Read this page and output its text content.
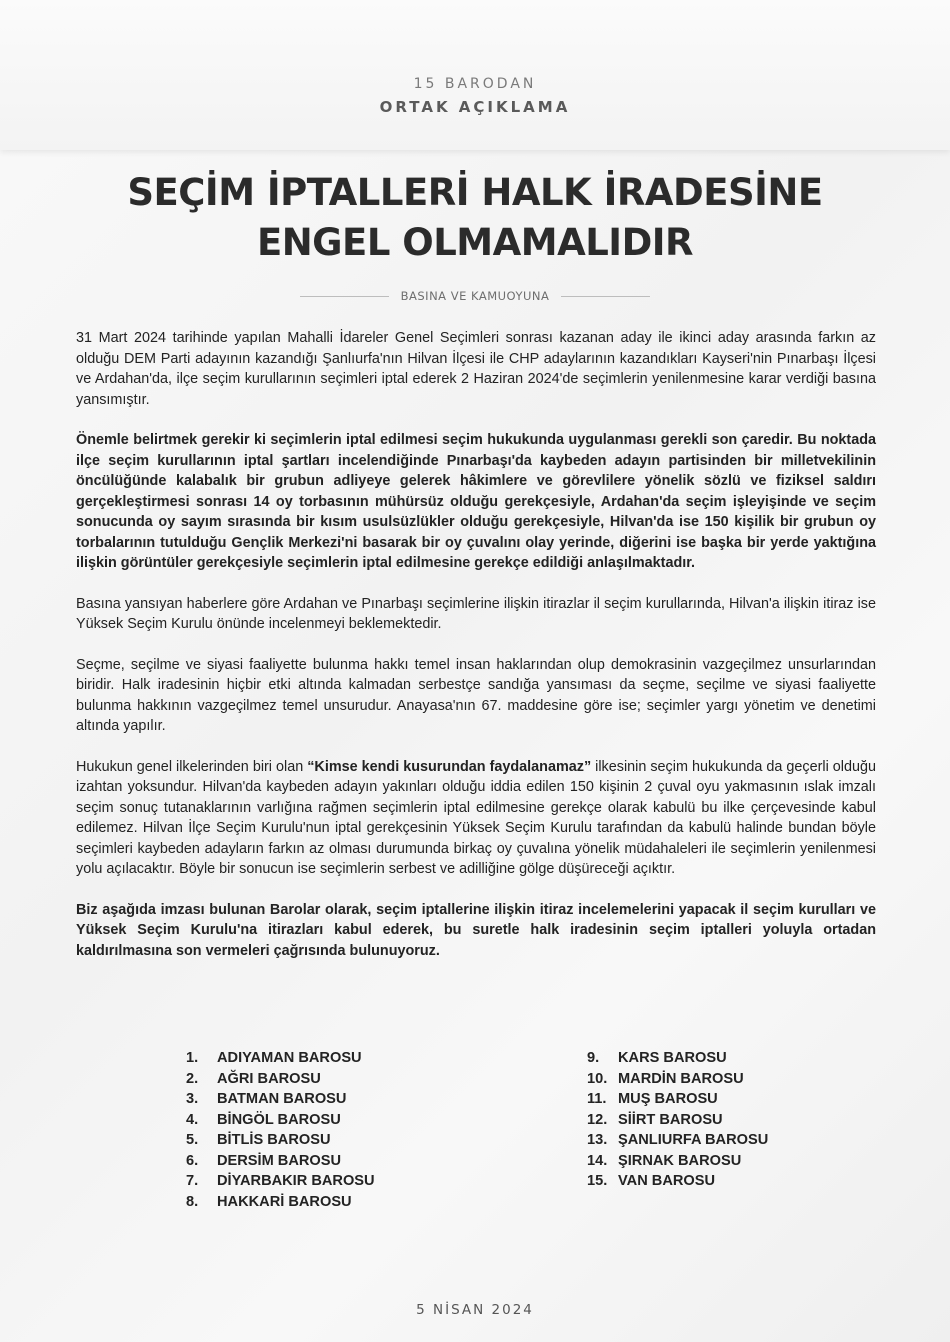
15 BARODAN
ORTAK AÇIKLAMA
SEÇİM İPTALLERİ HALK İRADESİNE
ENGEL OLMAMALIDIR
BASINA VE KAMUOYUNA

31 Mart 2024 tarihinde yapılan Mahalli İdareler Genel Seçimleri sonrası kazanan aday ile ikinci aday arasında farkın az olduğu DEM Parti adayının kazandığı Şanlıurfa'nın Hilvan İlçesi ile CHP adaylarının kazandıkları Kayseri'nin Pınarbaşı İlçesi ve Ardahan'da, ilçe seçim kurullarının seçimleri iptal ederek 2 Haziran 2024'de seçimlerin yenilenmesine karar verdiği basına yansımıştır.

Önemle belirtmek gerekir ki seçimlerin iptal edilmesi seçim hukukunda uygulanması gerekli son çaredir. Bu noktada ilçe seçim kurullarının iptal şartları incelendiğinde Pınarbaşı'da kaybeden adayın partisinden bir milletvekilinin öncülüğünde kalabalık bir grubun adliyeye gelerek hâkimlere ve görevlilere yönelik sözlü ve fiziksel saldırı gerçekleştirmesi sonrası 14 oy torbasının mühürsüz olduğu gerekçesiyle, Ardahan'da seçim işleyişinde ve seçim sonucunda oy sayım sırasında bir kısım usulsüzlükler olduğu gerekçesiyle, Hilvan'da ise 150 kişilik bir grubun oy torbalarının tutulduğu Gençlik Merkezi'ni basarak bir oy çuvalını olay yerinde, diğerini ise başka bir yerde yaktığına ilişkin görüntüler gerekçesiyle seçimlerin iptal edilmesine gerekçe edildiği anlaşılmaktadır.

Basına yansıyan haberlere göre Ardahan ve Pınarbaşı seçimlerine ilişkin itirazlar il seçim kurullarında, Hilvan'a ilişkin itiraz ise Yüksek Seçim Kurulu önünde incelenmeyi beklemektedir.

Seçme, seçilme ve siyasi faaliyette bulunma hakkı temel insan haklarından olup demokrasinin vazgeçilmez unsurlarından biridir. Halk iradesinin hiçbir etki altında kalmadan serbestçe sandığa yansıması da seçme, seçilme ve siyasi faaliyette bulunma hakkının vazgeçilmez temel unsurudur. Anayasa'nın 67. maddesine göre ise; seçimler yargı yönetim ve denetimi altında yapılır.

Hukukun genel ilkelerinden biri olan “Kimse kendi kusurundan faydalanamaz” ilkesinin seçim hukukunda da geçerli olduğu izahtan yoksundur. Hilvan'da kaybeden adayın yakınları olduğu iddia edilen 150 kişinin 2 çuval oyu yakmasının ıslak imzalı seçim sonuç tutanaklarının varlığına rağmen seçimlerin iptal edilmesine gerekçe olarak kabulü bu ilke çerçevesinde kabul edilemez. Hilvan İlçe Seçim Kurulu'nun iptal gerekçesinin Yüksek Seçim Kurulu tarafından da kabulü halinde bundan böyle seçimleri kaybeden adayların farkın az olması durumunda birkaç oy çuvalına yönelik müdahaleleri ile seçimlerin yenilenmesi yolu açılacaktır. Böyle bir sonucun ise seçimlerin serbest ve adilliğine gölge düşüreceği açıktır.

Biz aşağıda imzası bulunan Barolar olarak, seçim iptallerine ilişkin itiraz incelemelerini yapacak il seçim kurulları ve Yüksek Seçim Kurulu'na itirazları kabul ederek, bu suretle halk iradesinin seçim iptalleri yoluyla ortadan kaldırılmasına son vermeleri çağrısında bulunuyoruz.

1.	ADIYAMAN BAROSU
2.	AĞRI BAROSU
3.	BATMAN BAROSU
4.	BİNGÖL BAROSU
5.	BİTLİS BAROSU
6.	DERSİM BAROSU
7.	DİYARBAKIR BAROSU
8.	HAKKARİ BAROSU
9.	KARS BAROSU
10. MARDİN BAROSU
11. MUŞ BAROSU
12. SİİRT BAROSU
13. ŞANLIURFA BAROSU
14. ŞIRNAK BAROSU
15. VAN BAROSU
5 NİSAN 2024
